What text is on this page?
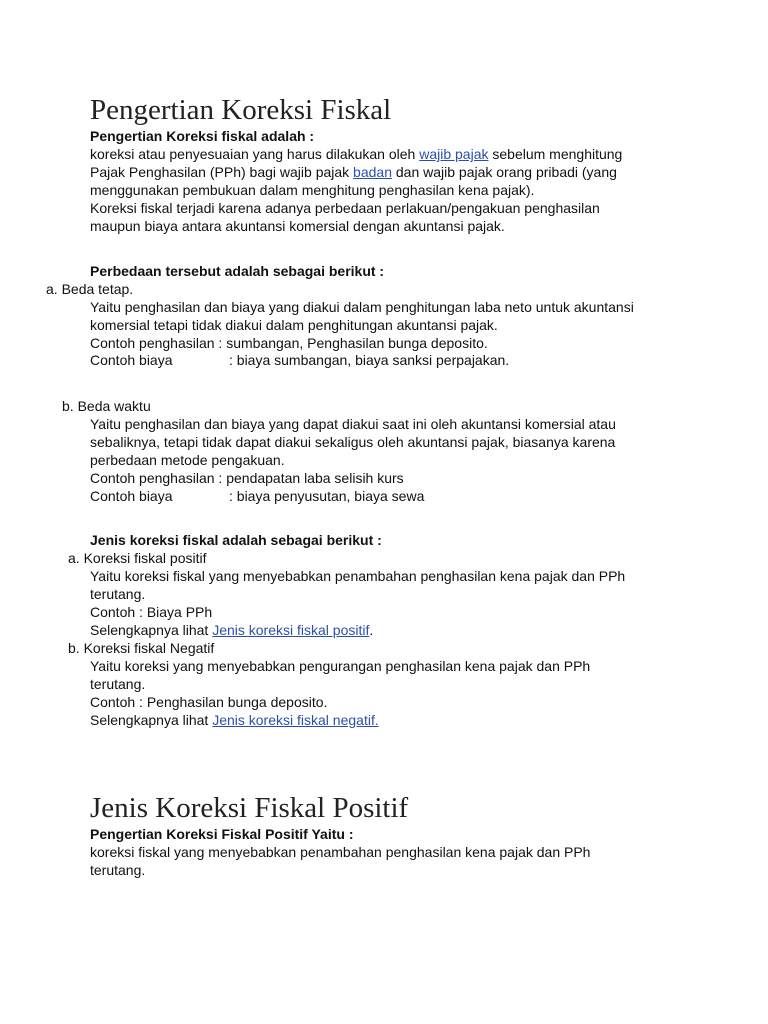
Pengertian Koreksi Fiskal
Pengertian Koreksi fiskal adalah :
koreksi atau penyesuaian yang harus dilakukan oleh wajib pajak sebelum menghitung
Pajak Penghasilan (PPh) bagi wajib pajak badan dan wajib pajak orang pribadi (yang
menggunakan pembukuan dalam menghitung penghasilan kena pajak).
Koreksi fiskal terjadi karena adanya perbedaan perlakuan/pengakuan penghasilan
maupun biaya antara akuntansi komersial dengan akuntansi pajak.
Perbedaan tersebut adalah sebagai berikut :
a. Beda tetap.
Yaitu penghasilan dan biaya yang diakui dalam penghitungan laba neto untuk akuntansi
komersial tetapi tidak diakui dalam penghitungan akuntansi pajak.
Contoh penghasilan : sumbangan, Penghasilan bunga deposito.
Contoh biaya	: biaya sumbangan, biaya sanksi perpajakan.
b. Beda waktu
Yaitu penghasilan dan biaya yang dapat diakui saat ini oleh akuntansi komersial atau
sebaliknya, tetapi tidak dapat diakui sekaligus oleh akuntansi pajak, biasanya karena
perbedaan metode pengakuan.
Contoh penghasilan : pendapatan laba selisih kurs
Contoh biaya	: biaya penyusutan, biaya sewa
Jenis koreksi fiskal adalah sebagai berikut :
a. Koreksi fiskal positif
Yaitu koreksi fiskal yang menyebabkan penambahan penghasilan kena pajak dan PPh
terutang.
Contoh : Biaya PPh
Selengkapnya lihat Jenis koreksi fiskal positif.
b. Koreksi fiskal Negatif
Yaitu koreksi yang menyebabkan pengurangan penghasilan kena pajak dan PPh
terutang.
Contoh : Penghasilan bunga deposito.
Selengkapnya lihat Jenis koreksi fiskal negatif.
Jenis Koreksi Fiskal Positif
Pengertian Koreksi Fiskal Positif Yaitu :
koreksi fiskal yang menyebabkan penambahan penghasilan kena pajak dan PPh
terutang.
